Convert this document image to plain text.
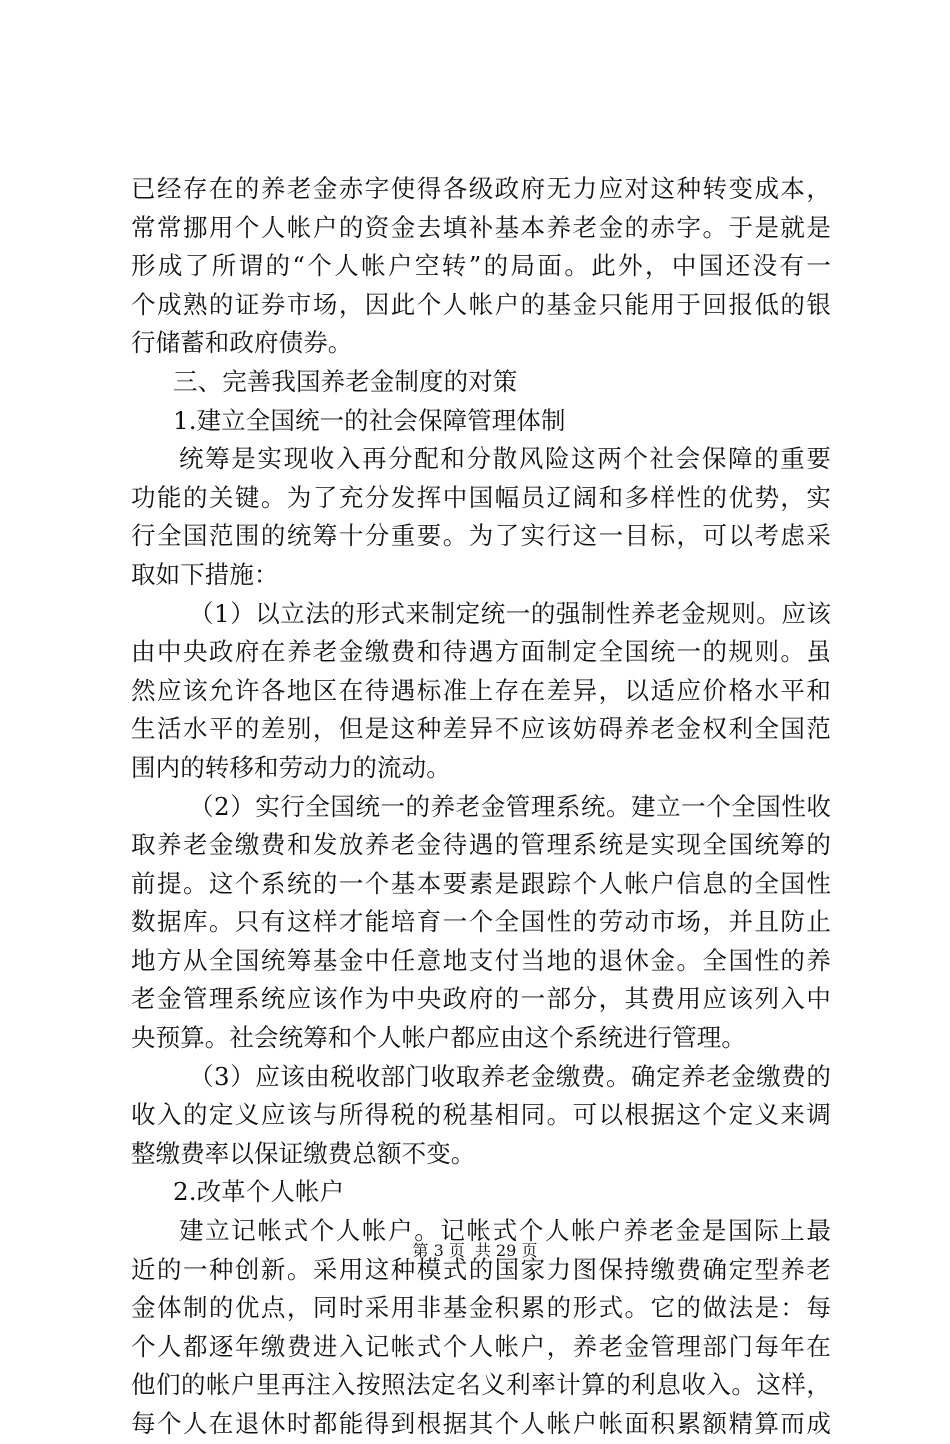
已经存在的养老金赤字使得各级政府无力应对这种转变成本，
常常挪用个人帐户的资金去填补基本养老金的赤字。于是就是
形成了所谓的“个人帐户空转”的局面。此外，中国还没有一
个成熟的证券市场，因此个人帐户的基金只能用于回报低的银
行储蓄和政府债券。
三、完善我国养老金制度的对策
1.建立全国统一的社会保障管理体制
统筹是实现收入再分配和分散风险这两个社会保障的重要
功能的关键。为了充分发挥中国幅员辽阔和多样性的优势，实
行全国范围的统筹十分重要。为了实行这一目标，可以考虑采
取如下措施：
（1）以立法的形式来制定统一的强制性养老金规则。应该
由中央政府在养老金缴费和待遇方面制定全国统一的规则。虽
然应该允许各地区在待遇标准上存在差异，以适应价格水平和
生活水平的差别，但是这种差异不应该妨碍养老金权利全国范
围内的转移和劳动力的流动。
（2）实行全国统一的养老金管理系统。建立一个全国性收
取养老金缴费和发放养老金待遇的管理系统是实现全国统筹的
前提。这个系统的一个基本要素是跟踪个人帐户信息的全国性
数据库。只有这样才能培育一个全国性的劳动市场，并且防止
地方从全国统筹基金中任意地支付当地的退休金。全国性的养
老金管理系统应该作为中央政府的一部分，其费用应该列入中
央预算。社会统筹和个人帐户都应由这个系统进行管理。
（3）应该由税收部门收取养老金缴费。确定养老金缴费的
收入的定义应该与所得税的税基相同。可以根据这个定义来调
整缴费率以保证缴费总额不变。
2.改革个人帐户
建立记帐式个人帐户。记帐式个人帐户养老金是国际上最
近的一种创新。采用这种模式的国家力图保持缴费确定型养老
金体制的优点，同时采用非基金积累的形式。它的做法是：每
个人都逐年缴费进入记帐式个人帐户，养老金管理部门每年在
他们的帐户里再注入按照法定名义利率计算的利息收入。这样，
每个人在退休时都能得到根据其个人帐户帐面积累额精算而成
第 3 页 共 29 页
